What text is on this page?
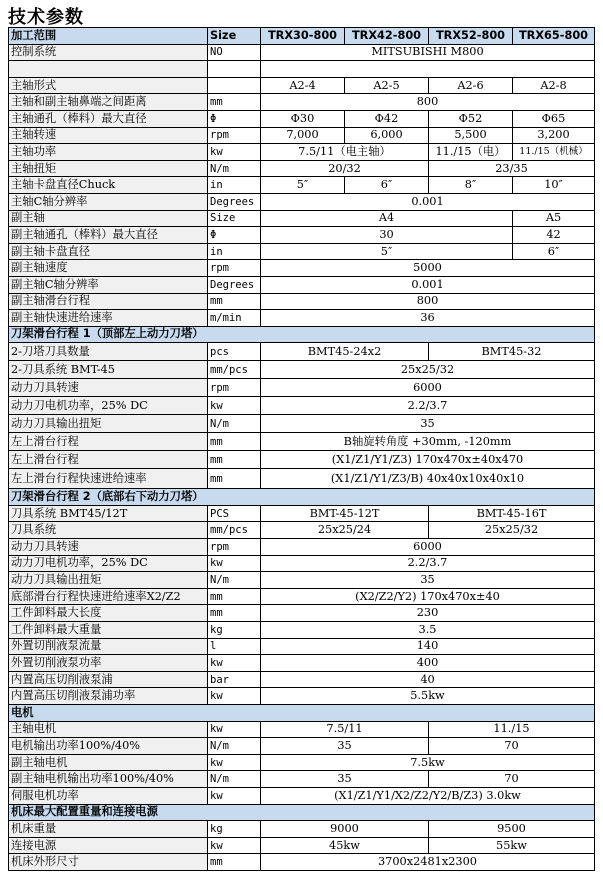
技术参数
加工范围	Size	TRX30-800	TRX42-800	TRX52-800	TRX65-800
控制系统	NO	MITSUBISHI M800			

主轴形式		A2-4	A2-5	A2-6	A2-8
主轴和副主轴鼻端之间距离	mm	800			
主轴通孔（棒料）最大直径	Φ	Φ30	Φ42	Φ52	Φ65
主轴转速	rpm	7,000	6,000	5,500	3,200
主轴功率	kw	7.5/11（电主轴）		11./15（电）	11./15（机械）
主轴扭矩	N/m	20/32		23/35	
主轴卡盘直径Chuck	in	5″	6″	8″	10″
主轴C轴分辨率	Degrees	0.001			
副主轴	Size	A4			A5
副主轴通孔（棒料）最大直径	Φ	30			42
副主轴卡盘直径	in	5″			6″
副主轴速度	rpm	5000			
副主轴C轴分辨率	Degrees	0.001			
副主轴滑台行程	mm	800			
副主轴快速进给速率	m/min	36			
刀架滑台行程 1（顶部左上动力刀塔）					
2-刀塔刀具数量	pcs	BMT45-24x2		BMT45-32	
2-刀具系统 BMT-45	mm/pcs	25x25/32			
动力刀具转速	rpm	6000			
动力刀电机功率，25% DC	kw	2.2/3.7			
动力刀具输出扭矩	N/m	35			
左上滑台行程	mm	B轴旋转角度 +30mm, -120mm			
左上滑台行程	mm	(X1/Z1/Y1/Z3) 170x470x±40x470			
左上滑台行程快速进给速率	mm	(X1/Z1/Y1/Z3/B) 40x40x10x40x10			
刀架滑台行程 2（底部右下动力刀塔）					
刀具系统 BMT45/12T	PCS	BMT-45-12T		BMT-45-16T	
刀具系统	mm/pcs	25x25/24		25x25/32	
动力刀具转速	rpm	6000			
动力刀电机功率，25% DC	kw	2.2/3.7			
动力刀具输出扭矩	N/m	35			
底部滑台行程快速进给速率X2/Z2	mm	(X2/Z2/Y2) 170x470x±40			
工件卸料最大长度	mm	230			
工件卸料最大重量	kg	3.5			
外置切削液泵流量	l	140			
外置切削液泵功率	kw	400			
内置高压切削液泵浦	bar	40			
内置高压切削液泵浦功率	kw	5.5kw			
电机					
主轴电机	kw	7.5/11		11./15	
电机输出功率100%/40%	N/m	35		70	
副主轴电机	kw	7.5kw			
副主轴电机输出功率100%/40%	N/m	35		70	
伺服电机功率	kw	(X1/Z1/Y1/X2/Z2/Y2/B/Z3) 3.0kw			
机床最大配置重量和连接电源					
机床重量	kg	9000		9500	
连接电源	kw	45kw		55kw	
机床外形尺寸	mm	3700x2481x2300			
